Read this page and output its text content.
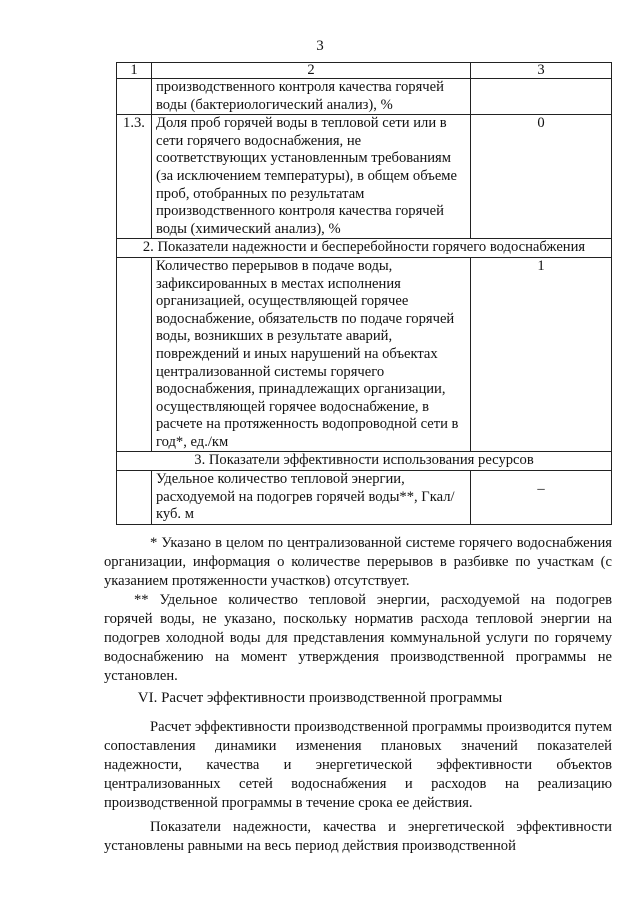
3
1	2	3
	производственного контроля качества горячей воды (бактериологический анализ), %	
1.3.	Доля проб горячей воды в тепловой сети или в сети горячего водоснабжения, не соответствующих установленным требованиям (за исключением температуры), в общем объеме проб, отобранных по результатам производственного контроля качества горячей воды (химический анализ), %	0
2. Показатели надежности и бесперебойности горячего водоснабжения		
	Количество перерывов в подаче воды, зафиксированных в местах исполнения организацией, осуществляющей горячее водоснабжение, обязательств по подаче горячей воды, возникших в результате аварий, повреждений и иных нарушений на объектах централизованной системы горячего водоснабжения, принадлежащих организации, осуществляющей горячее водоснабжение, в расчете на протяженность водопроводной сети в год*, ед./км	1
3. Показатели эффективности использования ресурсов		
	Удельное количество тепловой энергии, расходуемой на подогрев горячей воды**, Гкал/куб. м	–

* Указано в целом по централизованной системе горячего водоснабжения организации, информация о количестве перерывов в разбивке по участкам (с указанием протяженности участков) отсутствует.

** Удельное количество тепловой энергии, расходуемой на подогрев горячей воды, не указано, поскольку норматив расхода тепловой энергии на подогрев холодной воды для представления коммунальной услуги по горячему водоснабжению на момент утверждения производственной программы не установлен.

VI. Расчет эффективности производственной программы

Расчет эффективности производственной программы производится путем сопоставления динамики изменения плановых значений показателей надежности, качества и энергетической эффективности объектов централизованных сетей водоснабжения и расходов на реализацию производственной программы в течение срока ее действия.

Показатели надежности, качества и энергетической эффективности установлены равными на весь период действия производственной
